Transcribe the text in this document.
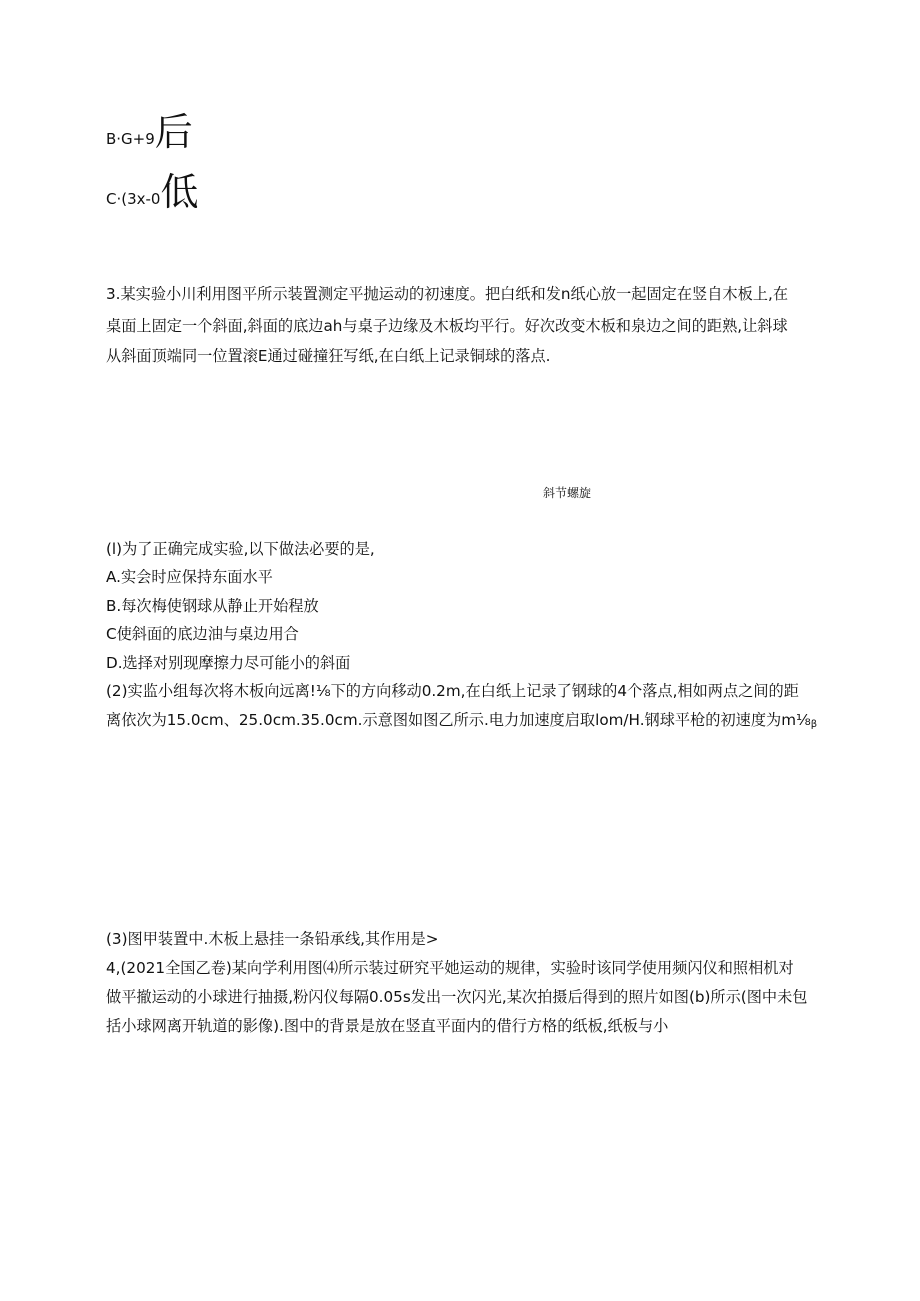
B·G+9 后
C·(3x-0 低

3.某实验小川利用图平所示装置测定平抛运动的初速度。把白纸和发n纸心放一起固定在竖自木板上,在

桌面上固定一个斜面,斜面的底边ah与桌子边缘及木板均平行。好次改变木板和泉边之间的距熟,让斜球

从斜面顶端同一位置滚E通过碰撞狂写纸,在白纸上记录铜球的落点.

斜节螺旋

(l)为了正确完成实验,以下做法必要的是,

A.实会时应保持东面水平

B.每次梅使钢球从静止开始程放

C使斜面的底边油与桌边用合

D.选择对别现摩擦力尽可能小的斜面

(2)实监小组每次将木板向远离!⅛下的方向移动0.2m,在白纸上记录了钢球的4个落点,相如两点之间的距

离依次为15.0cm、25.0cm.35.0cm.示意图如图乙所示.电力加速度启取lom/H.钢球平枪的初速度为$m\frac{1}{8}_\beta$

(3)图甲装置中.木板上悬挂一条铅承线,其作用是>

4,(2021全国乙卷)某向学利用图⑷所示装过研究平她运动的规律，实验时该同学使用频闪仪和照相机对

做平撤运动的小球进行抽摄,粉闪仪每隔0.05s发出一次闪光,某次拍摄后得到的照片如图(b)所示(图中未包

括小球网离开轨道的影像).图中的背景是放在竖直平面内的借行方格的纸板,纸板与小
